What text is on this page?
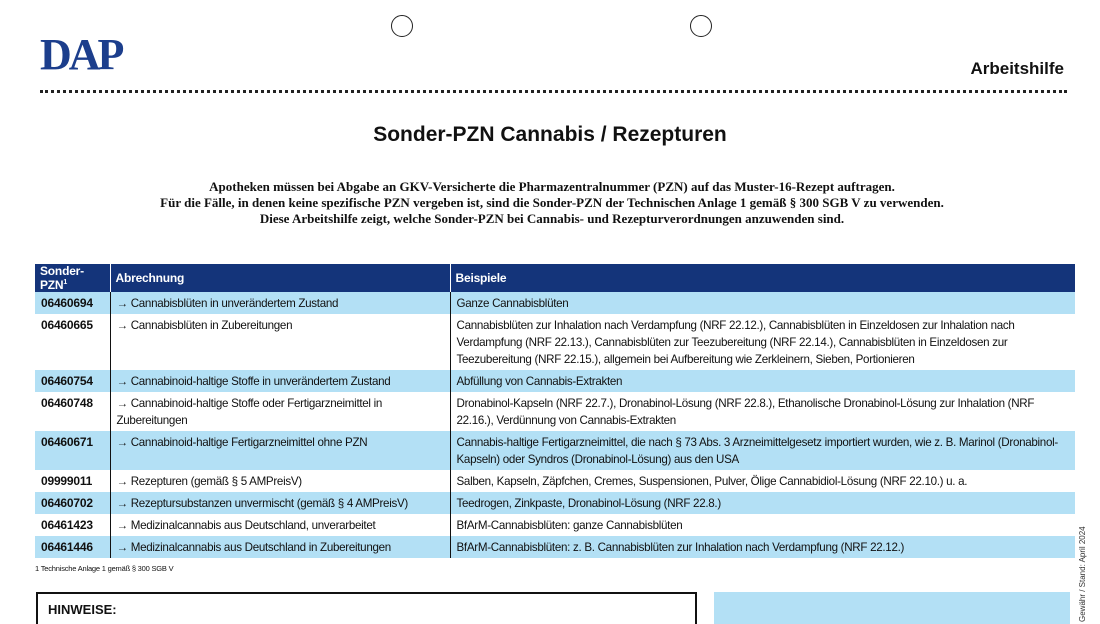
DAP	Arbeitshilfe
Sonder-PZN Cannabis / Rezepturen
Apotheken müssen bei Abgabe an GKV-Versicherte die Pharmazentralnummer (PZN) auf das Muster-16-Rezept auftragen.
Für die Fälle, in denen keine spezifische PZN vergeben ist, sind die Sonder-PZN der Technischen Anlage 1 gemäß § 300 SGB V zu verwenden.
Diese Arbeitshilfe zeigt, welche Sonder-PZN bei Cannabis- und Rezepturverordnungen anzuwenden sind.
Sonder-PZN$^1$	Abrechnung	Beispiele
06460694	→ Cannabisblüten in unverändertem Zustand	Ganze Cannabisblüten
06460665	→ Cannabisblüten in Zubereitungen	Cannabisblüten zur Inhalation nach Verdampfung (NRF 22.12.), Cannabisblüten in Einzeldosen zur Inhalation nach Verdampfung (NRF 22.13.), Cannabisblüten zur Teezubereitung (NRF 22.14.), Cannabisblüten in Einzeldosen zur Teezubereitung (NRF 22.15.), allgemein bei Aufbereitung wie Zerkleinern, Sieben, Portionieren
06460754	→ Cannabinoid-haltige Stoffe in unverändertem Zustand	Abfüllung von Cannabis-Extrakten
06460748	→ Cannabinoid-haltige Stoffe oder Fertigarzneimittel in Zubereitungen	Dronabinol-Kapseln (NRF 22.7.), Dronabinol-Lösung (NRF 22.8.), Ethanolische Dronabinol-Lösung zur Inhalation (NRF 22.16.), Verdünnung von Cannabis-Extrakten
06460671	→ Cannabinoid-haltige Fertigarzneimittel ohne PZN	Cannabis-haltige Fertigarzneimittel, die nach § 73 Abs. 3 Arzneimittelgesetz importiert wurden, wie z. B. Marinol (Dronabinol-Kapseln) oder Syndros (Dronabinol-Lösung) aus den USA
09999011	→ Rezepturen (gemäß § 5 AMPreisV)	Salben, Kapseln, Zäpfchen, Cremes, Suspensionen, Pulver, Ölige Cannabidiol-Lösung (NRF 22.10.) u. a.
06460702	→ Rezeptursubstanzen unvermischt (gemäß § 4 AMPreisV)	Teedrogen, Zinkpaste, Dronabinol-Lösung (NRF 22.8.)
06461423	→ Medizinalcannabis aus Deutschland, unverarbeitet	BfArM-Cannabisblüten: ganze Cannabisblüten
06461446	→ Medizinalcannabis aus Deutschland in Zubereitungen	BfArM-Cannabisblüten: z. B. Cannabisblüten zur Inhalation nach Verdampfung (NRF 22.12.)
1 Technische Anlage 1 gemäß § 300 SGB V
HINWEISE:	Gewähr / Stand: April 2024
